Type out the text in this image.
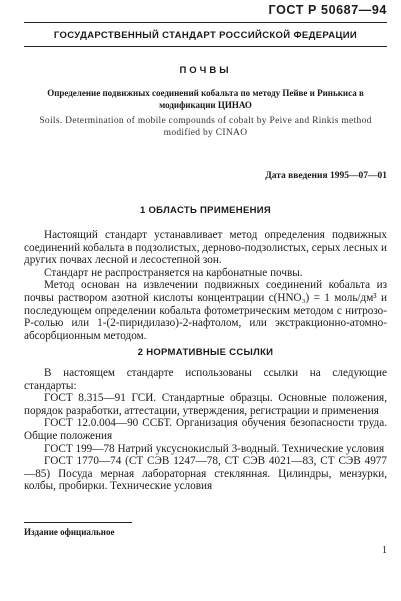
ГОСТ Р 50687—94
ГОСУДАРСТВЕННЫЙ СТАНДАРТ РОССИЙСКОЙ ФЕДЕРАЦИИ
ПОЧВЫ
Определение подвижных соединений кобальта по методу Пейве и Ринькиса в модификации ЦИНАО
Soils. Determination of mobile compounds of cobalt by Peive and Rinkis method modified by CINAO
Дата введения 1995—07—01
1 ОБЛАСТЬ ПРИМЕНЕНИЯ

Настоящий стандарт устанавливает метод определения подвижных соединений кобальта в подзолистых, дерново-подзолистых, серых лесных и других почвах лесной и лесостепной зон.

Стандарт не распространяется на карбонатные почвы.

Метод основан на извлечении подвижных соединений кобальта из почвы раствором азотной кислоты концентрации c(HNO₃) = 1 моль/дм³ и последующем определении кобальта фотометрическим методом с нитрозо-Р-солью или 1-(2-пиридилазо)-2-нафтолом, или экстракционно-атомно-абсорбционным методом.

2 НОРМАТИВНЫЕ ССЫЛКИ

В настоящем стандарте использованы ссылки на следующие стандарты:

ГОСТ 8.315—91 ГСИ. Стандартные образцы. Основные положения, порядок разработки, аттестации, утверждения, регистрации и применения

ГОСТ 12.0.004—90 ССБТ. Организация обучения безопасности труда. Общие положения

ГОСТ 199—78 Натрий уксуснокислый 3-водный. Технические условия

ГОСТ 1770—74 (СТ СЭВ 1247—78, СТ СЭВ 4021—83, СТ СЭВ 4977—85) Посуда мерная лабораторная стеклянная. Цилиндры, мензурки, колбы, пробирки. Технические условия

Издание официальное
1
